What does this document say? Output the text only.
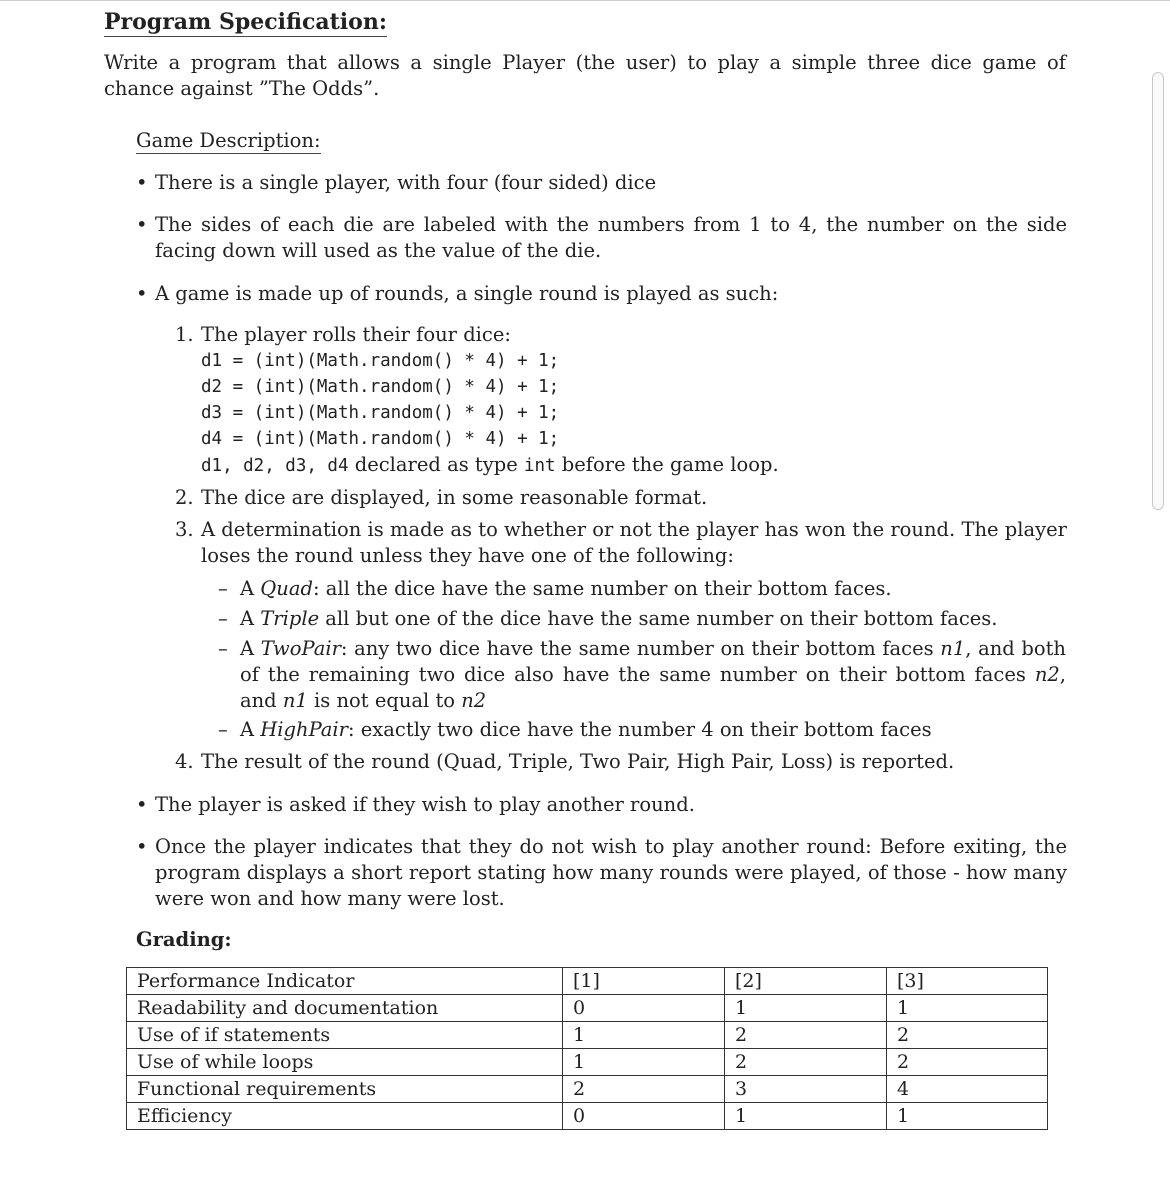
Program Specification:
Write a program that allows a single Player (the user) to play a simple three dice game of chance against ”The Odds”.
Game Description:
• There is a single player, with four (four sided) dice
• The sides of each die are labeled with the numbers from 1 to 4, the number on the side facing down will used as the value of the die.
• A game is made up of rounds, a single round is played as such:
1. The player rolls their four dice:
d1 = (int)(Math.random() * 4) + 1;
d2 = (int)(Math.random() * 4) + 1;
d3 = (int)(Math.random() * 4) + 1;
d4 = (int)(Math.random() * 4) + 1;
d1, d2, d3, d4 declared as type int before the game loop.
2. The dice are displayed, in some reasonable format.
3. A determination is made as to whether or not the player has won the round. The player loses the round unless they have one of the following:
– A Quad: all the dice have the same number on their bottom faces.
– A Triple all but one of the dice have the same number on their bottom faces.
– A TwoPair: any two dice have the same number on their bottom faces n1, and both of the remaining two dice also have the same number on their bottom faces n2, and n1 is not equal to n2
– A HighPair: exactly two dice have the number 4 on their bottom faces
4. The result of the round (Quad, Triple, Two Pair, High Pair, Loss) is reported.
• The player is asked if they wish to play another round.
• Once the player indicates that they do not wish to play another round: Before exiting, the program displays a short report stating how many rounds were played, of those - how many were won and how many were lost.
Grading:
Performance Indicator	[1]	[2]	[3]
Readability and documentation	0	1	1
Use of if statements	1	2	2
Use of while loops	1	2	2
Functional requirements	2	3	4
Efficiency	0	1	1
